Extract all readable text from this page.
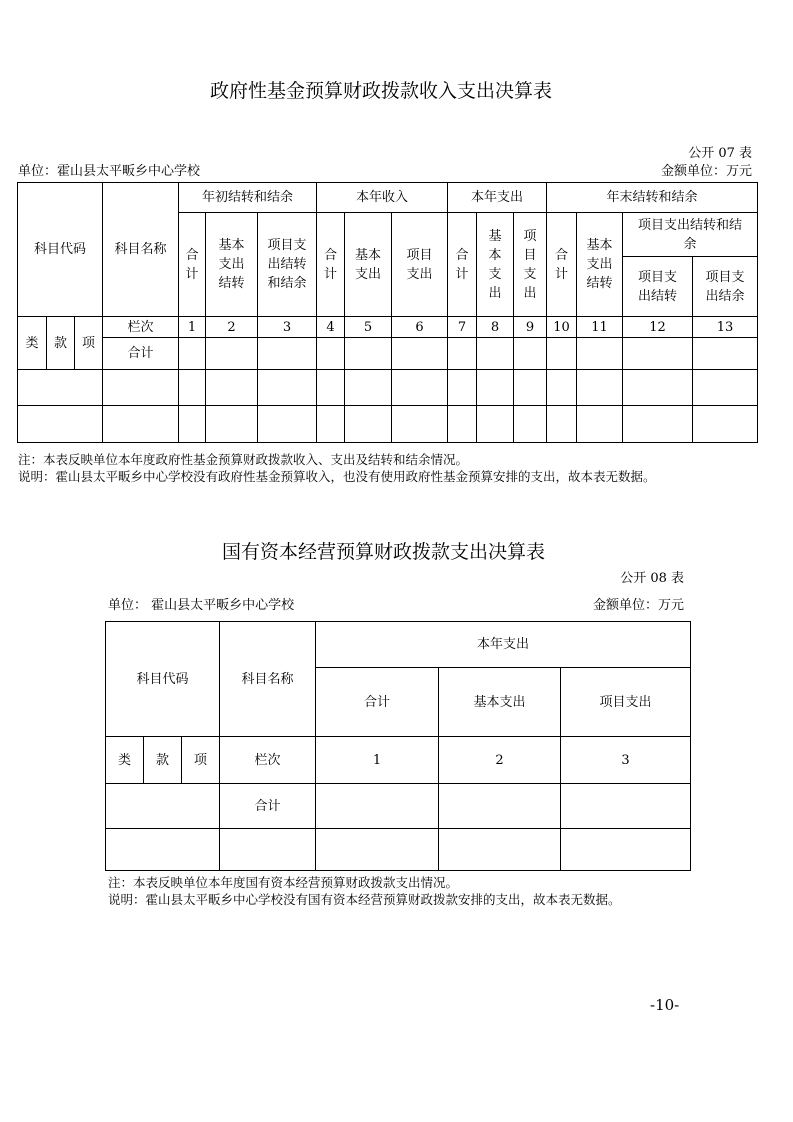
政府性基金预算财政拨款收入支出决算表
公开 07 表
单位：霍山县太平畈乡中心学校	金额单位：万元
科目代码			科目名称	年初结转和结余			本年收入			本年支出			年末结转和结余			
				合计	基本支出结转	项目支出结转和结余	合计	基本支出	项目支出	合计	基本支出	项目支出	合计	基本支出结转	项目支出结转和结余	
															项目支出结转	项目支出结余

类	款	项	栏次	1	2	3	4	5	6	7	8	9	10	11	12	13
			合计													

注：本表反映单位本年度政府性基金预算财政拨款收入、支出及结转和结余情况。
说明：霍山县太平畈乡中心学校没有政府性基金预算收入，也没有使用政府性基金预算安排的支出，故本表无数据。
国有资本经营预算财政拨款支出决算表
公开 08 表
单位： 霍山县太平畈乡中心学校	金额单位：万元
科目代码			科目名称	本年支出		
				合计	基本支出	项目支出
类	款	项	栏次	1	2	3
			合计			

注：本表反映单位本年度国有资本经营预算财政拨款支出情况。
说明：霍山县太平畈乡中心学校没有国有资本经营预算财政拨款安排的支出，故本表无数据。
-10-
